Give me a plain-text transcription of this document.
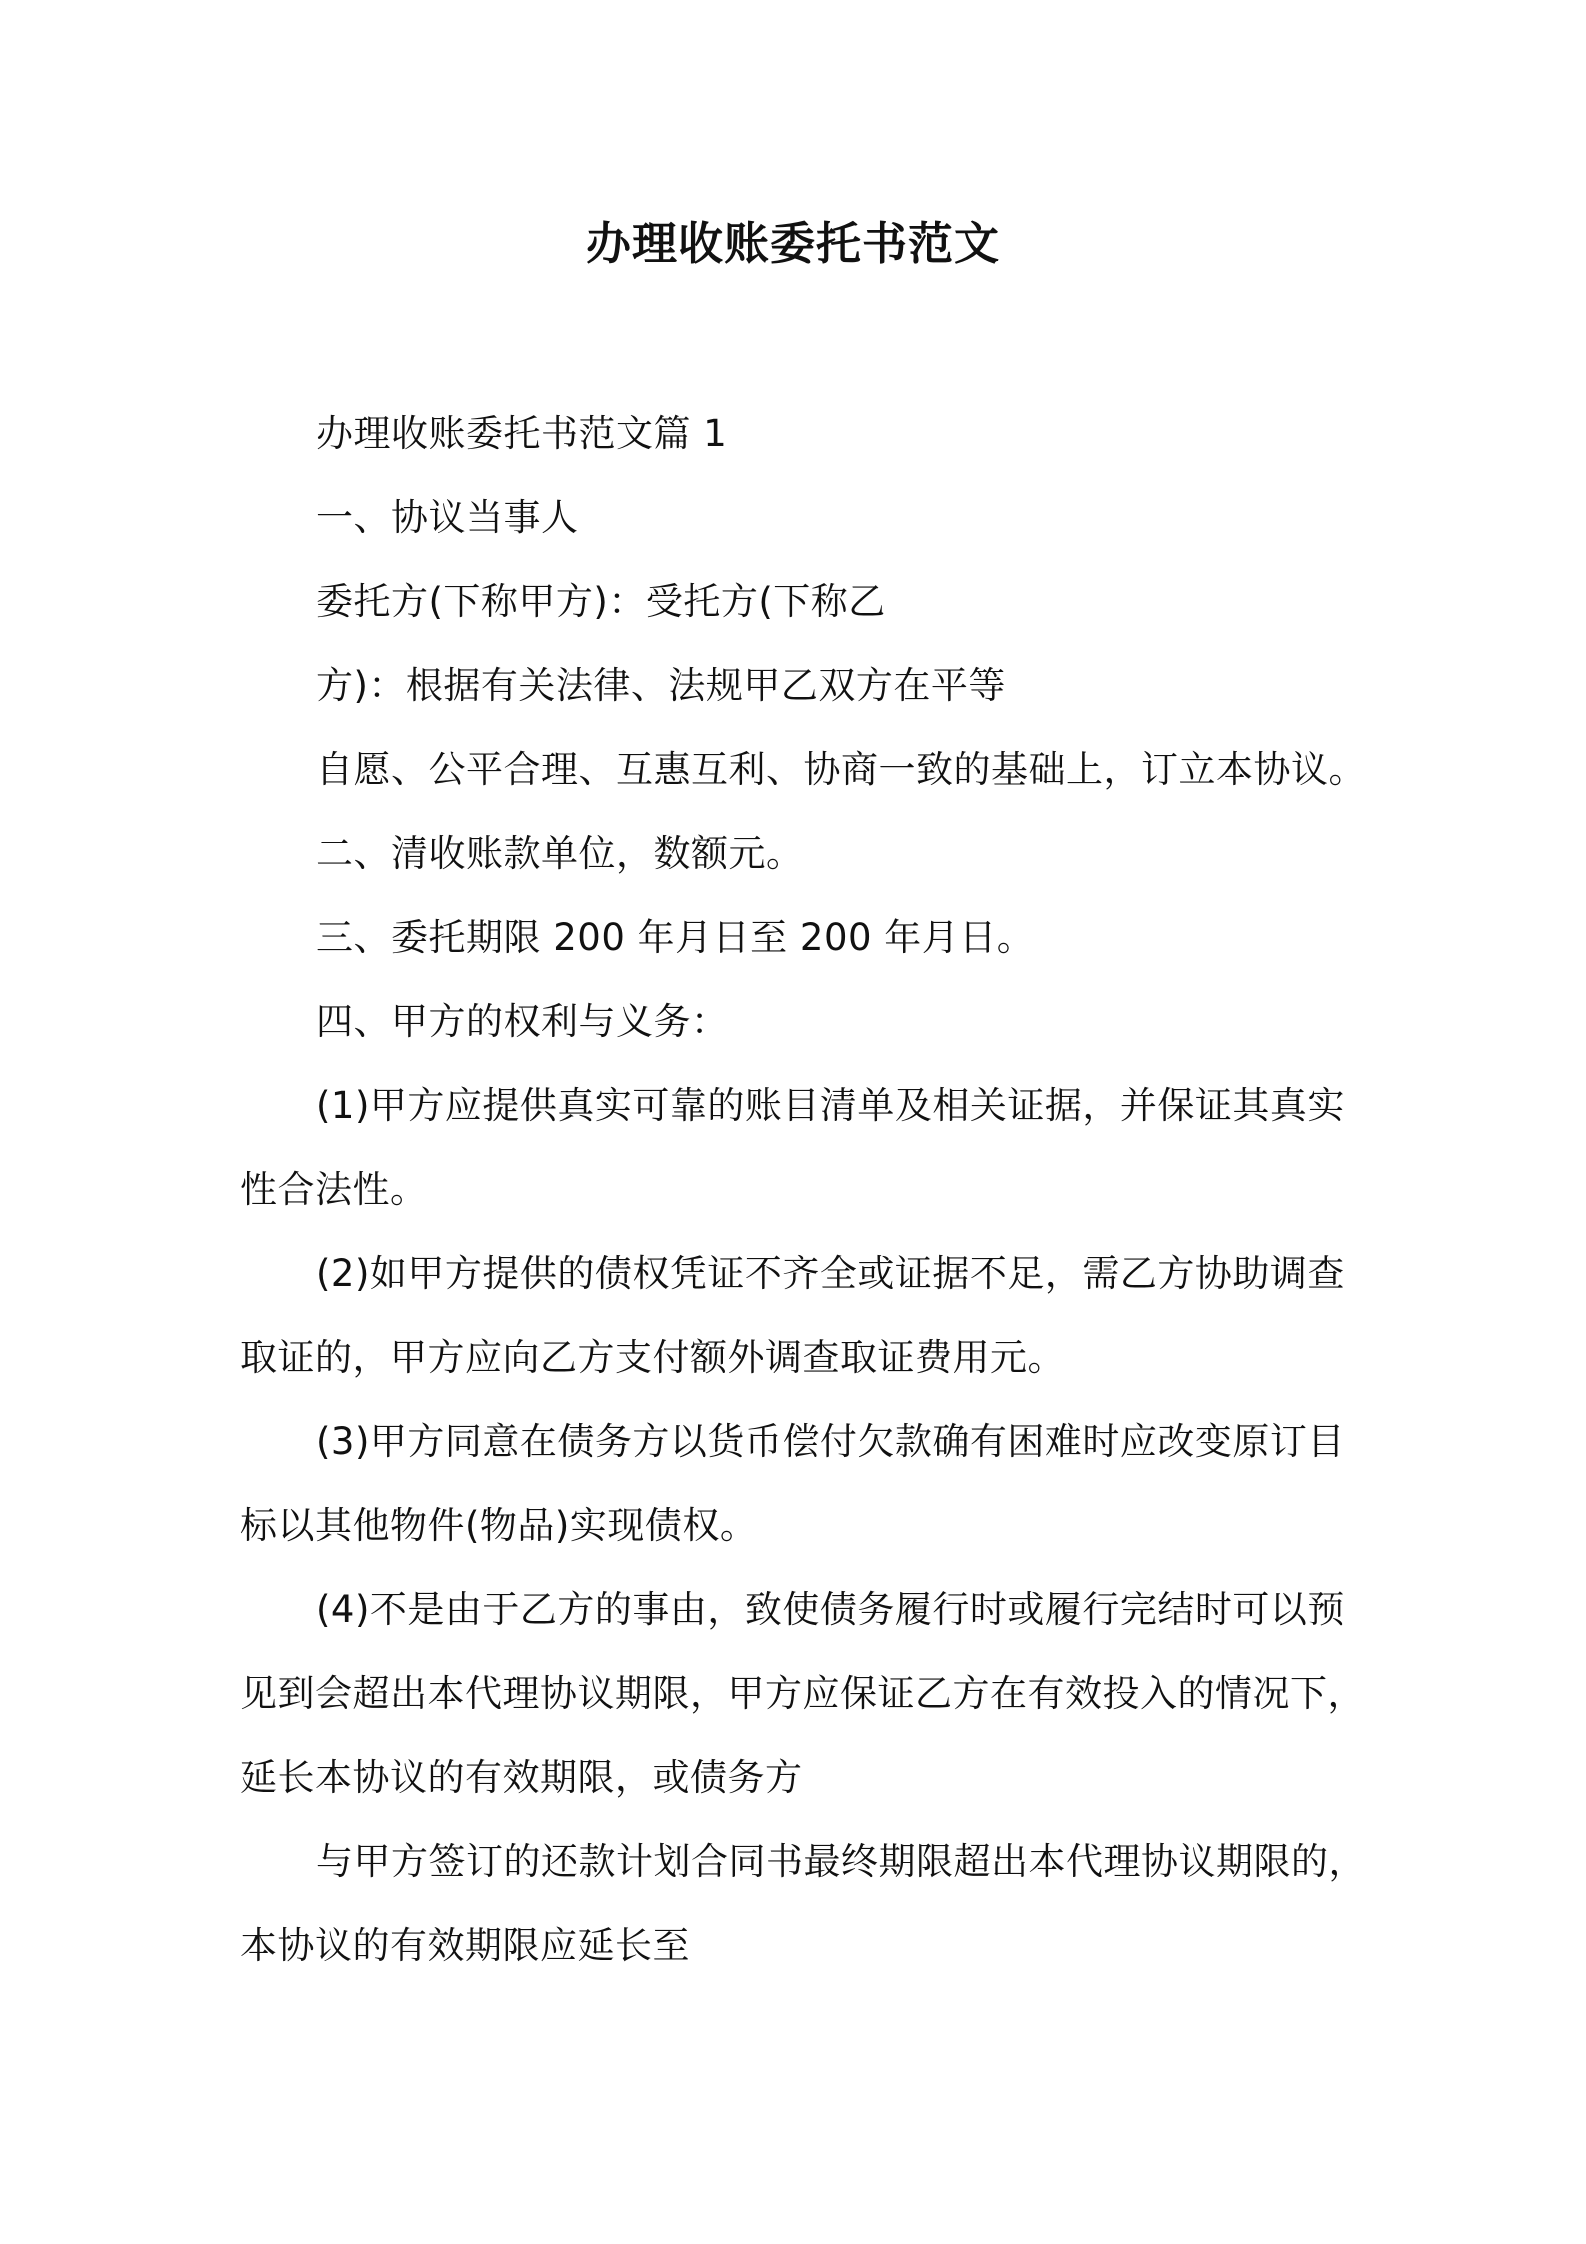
办理收账委托书范文
办理收账委托书范文篇 1
一、协议当事人
委托方(下称甲方)：受托方(下称乙
方)：根据有关法律、法规甲乙双方在平等
自愿、公平合理、互惠互利、协商一致的基础上，订立本协议。
二、清收账款单位，数额元。
三、委托期限 200 年月日至 200 年月日。
四、甲方的权利与义务：
(1)甲方应提供真实可靠的账目清单及相关证据，并保证其真实
性合法性。
(2)如甲方提供的债权凭证不齐全或证据不足，需乙方协助调查
取证的，甲方应向乙方支付额外调查取证费用元。
(3)甲方同意在债务方以货币偿付欠款确有困难时应改变原订目
标以其他物件(物品)实现债权。
(4)不是由于乙方的事由，致使债务履行时或履行完结时可以预
见到会超出本代理协议期限，甲方应保证乙方在有效投入的情况下，
延长本协议的有效期限，或债务方
与甲方签订的还款计划合同书最终期限超出本代理协议期限的，
本协议的有效期限应延长至
